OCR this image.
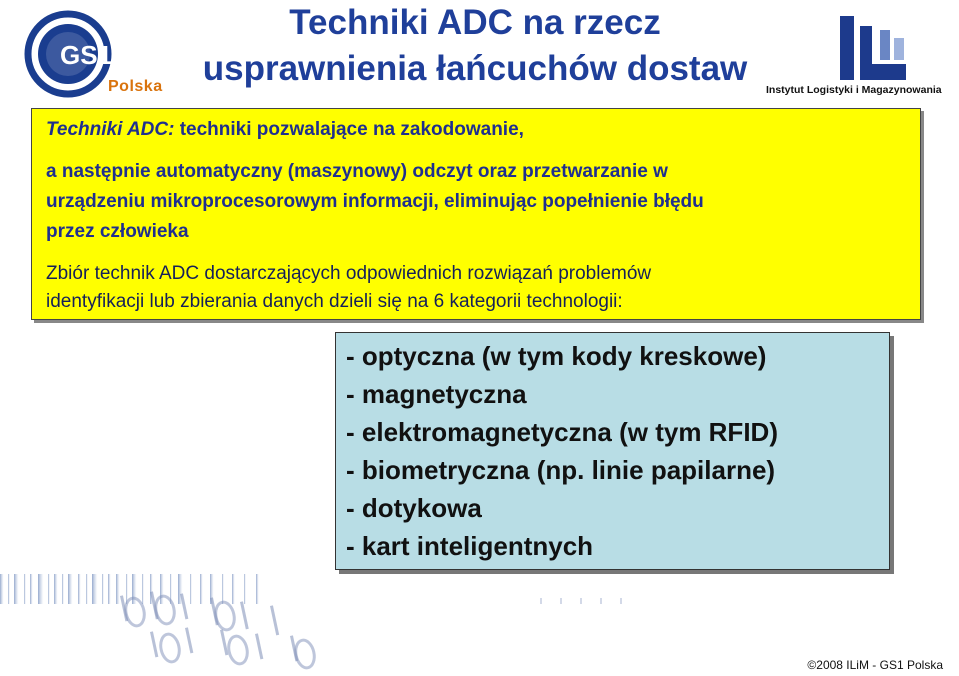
GS1
Polska
Techniki ADC na rzecz
usprawnienia łańcuchów dostaw
Instytut Logistyki i Magazynowania
Techniki ADC: techniki pozwalające na zakodowanie,
a następnie automatyczny (maszynowy) odczyt oraz przetwarzanie w
urządzeniu mikroprocesorowym informacji, eliminując popełnienie błędu
przez człowieka
Zbiór technik ADC dostarczających odpowiednich rozwiązań problemów
identyfikacji lub zbierania danych dzieli się na 6 kategorii technologii:
- optyczna (w tym kody kreskowe)
- magnetyczna
- elektromagnetyczna (w tym RFID)
- biometryczna (np. linie papilarne)
- dotykowa
- kart inteligentnych
©2008 ILiM - GS1 Polska
